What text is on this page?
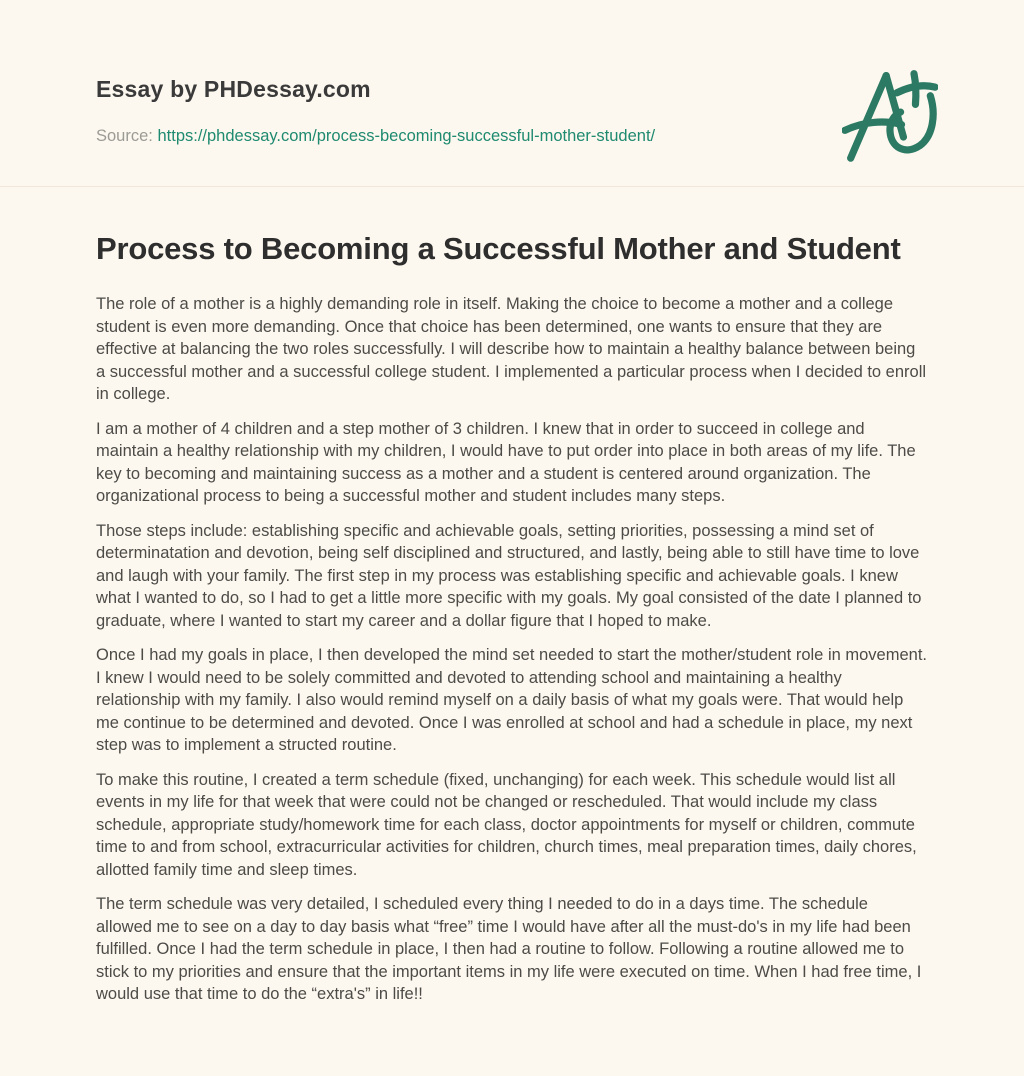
Essay by PHDessay.com
Source: https://phdessay.com/process-becoming-successful-mother-student/
Process to Becoming a Successful Mother and Student

The role of a mother is a highly demanding role in itself. Making the choice to become a mother and a college student is even more demanding. Once that choice has been determined, one wants to ensure that they are effective at balancing the two roles successfully. I will describe how to maintain a healthy balance between being a successful mother and a successful college student. I implemented a particular process when I decided to enroll in college.

I am a mother of 4 children and a step mother of 3 children. I knew that in order to succeed in college and maintain a healthy relationship with my children, I would have to put order into place in both areas of my life. The key to becoming and maintaining success as a mother and a student is centered around organization. The organizational process to being a successful mother and student includes many steps.

Those steps include: establishing specific and achievable goals, setting priorities, possessing a mind set of determinatation and devotion, being self disciplined and structured, and lastly, being able to still have time to love and laugh with your family. The first step in my process was establishing specific and achievable goals. I knew what I wanted to do, so I had to get a little more specific with my goals. My goal consisted of the date I planned to graduate, where I wanted to start my career and a dollar figure that I hoped to make.

Once I had my goals in place, I then developed the mind set needed to start the mother/student role in movement. I knew I would need to be solely committed and devoted to attending school and maintaining a healthy relationship with my family. I also would remind myself on a daily basis of what my goals were. That would help me continue to be determined and devoted. Once I was enrolled at school and had a schedule in place, my next step was to implement a structed routine.

To make this routine, I created a term schedule (fixed, unchanging) for each week. This schedule would list all events in my life for that week that were could not be changed or rescheduled. That would include my class schedule, appropriate study/homework time for each class, doctor appointments for myself or children, commute time to and from school, extracurricular activities for children, church times, meal preparation times, daily chores, allotted family time and sleep times.

The term schedule was very detailed, I scheduled every thing I needed to do in a days time. The schedule allowed me to see on a day to day basis what “free” time I would have after all the must-do's in my life had been fulfilled. Once I had the term schedule in place, I then had a routine to follow. Following a routine allowed me to stick to my priorities and ensure that the important items in my life were executed on time. When I had free time, I would use that time to do the “extra's” in life!!
